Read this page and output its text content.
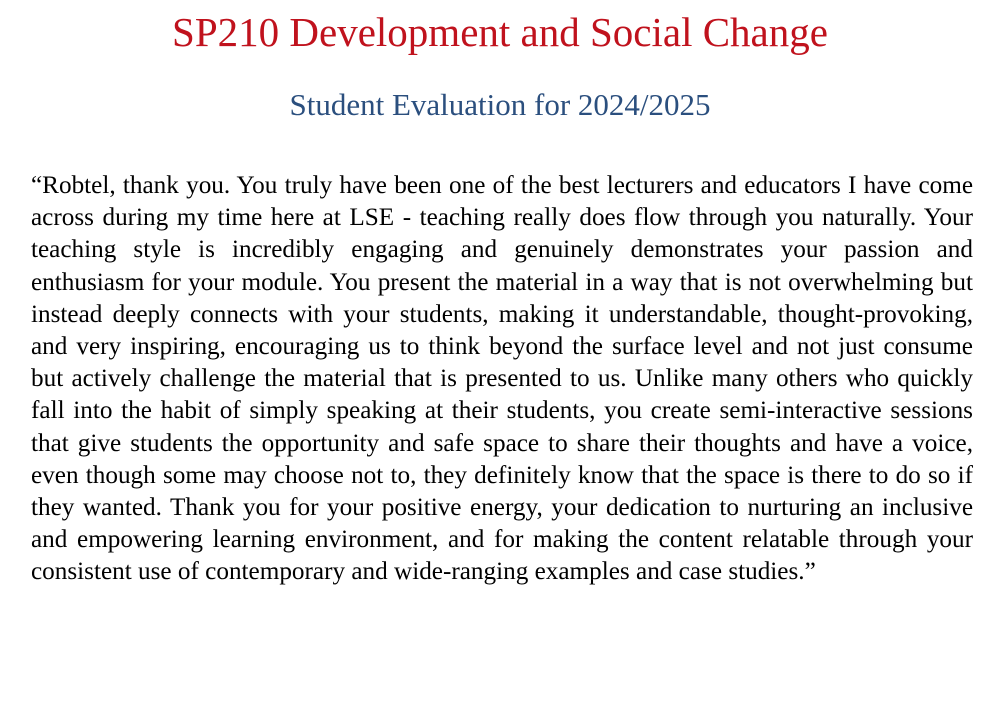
SP210 Development and Social Change
Student Evaluation for 2024/2025

“Robtel, thank you. You truly have been one of the best lecturers and educators I have come across during my time here at LSE - teaching really does flow through you naturally. Your teaching style is incredibly engaging and genuinely demonstrates your passion and enthusiasm for your module. You present the material in a way that is not overwhelming but instead deeply connects with your students, making it understandable, thought-provoking, and very inspiring, encouraging us to think beyond the surface level and not just consume but actively challenge the material that is presented to us. Unlike many others who quickly fall into the habit of simply speaking at their students, you create semi-interactive sessions that give students the opportunity and safe space to share their thoughts and have a voice, even though some may choose not to, they definitely know that the space is there to do so if they wanted. Thank you for your positive energy, your dedication to nurturing an inclusive and empowering learning environment, and for making the content relatable through your consistent use of contemporary and wide-ranging examples and case studies.”
